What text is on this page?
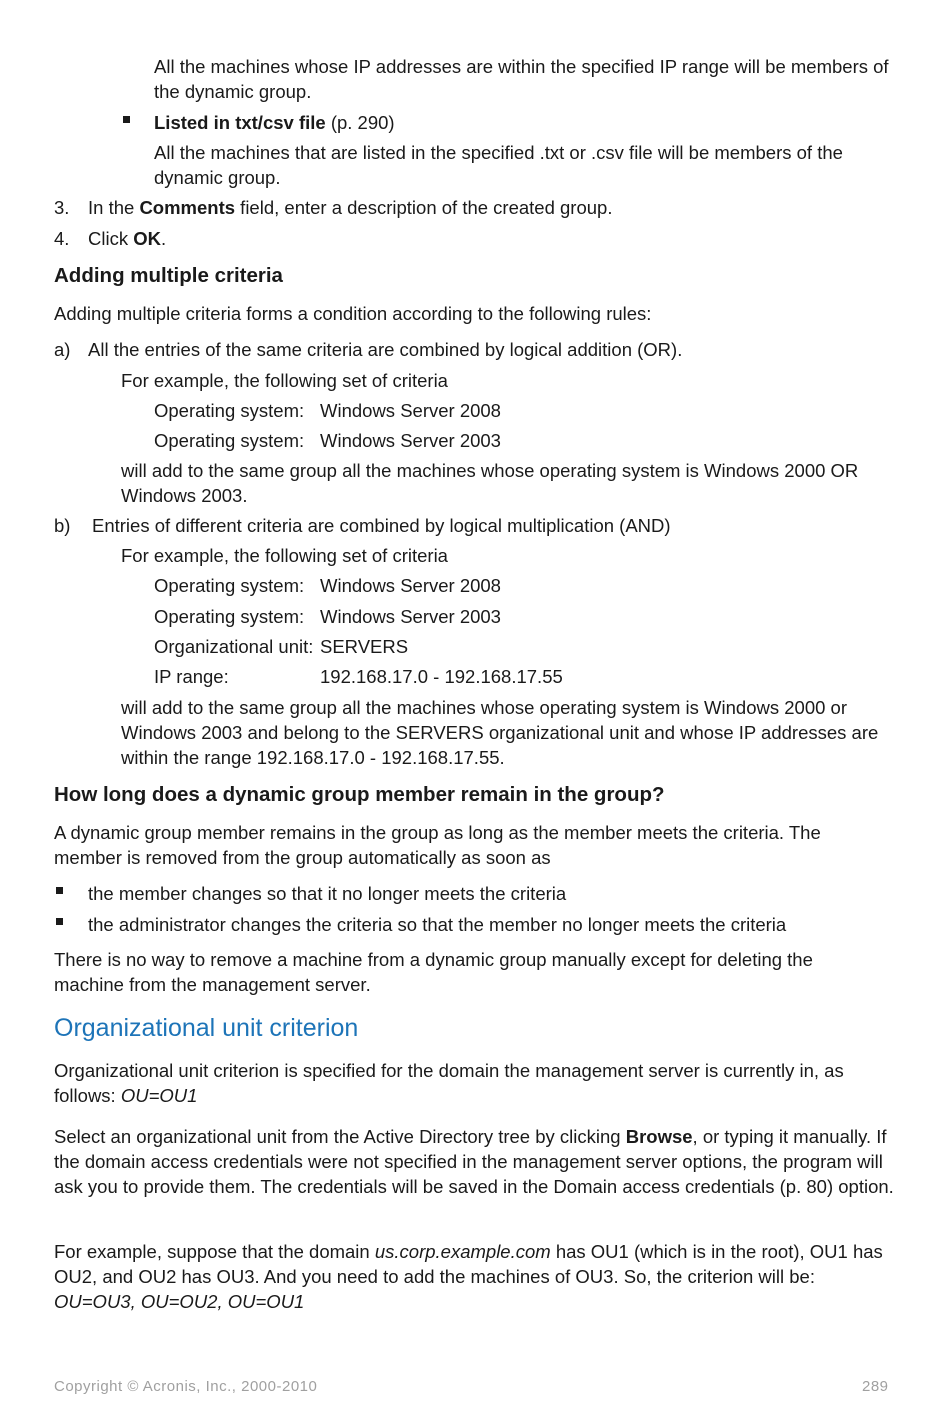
All the machines whose IP addresses are within the specified IP range will be members of the dynamic group.

Listed in txt/csv file (p. 290)

All the machines that are listed in the specified .txt or .csv file will be members of the dynamic group.

3. In the Comments field, enter a description of the created group.

4. Click OK.

Adding multiple criteria

Adding multiple criteria forms a condition according to the following rules:

a) All the entries of the same criteria are combined by logical addition (OR).

For example, the following set of criteria

Operating system: Windows Server 2008
Operating system: Windows Server 2003

will add to the same group all the machines whose operating system is Windows 2000 OR Windows 2003.

b) Entries of different criteria are combined by logical multiplication (AND)

For example, the following set of criteria

Operating system: Windows Server 2008
Operating system: Windows Server 2003
Organizational unit: SERVERS
IP range:	192.168.17.0 - 192.168.17.55

will add to the same group all the machines whose operating system is Windows 2000 or Windows 2003 and belong to the SERVERS organizational unit and whose IP addresses are within the range 192.168.17.0 - 192.168.17.55.

How long does a dynamic group member remain in the group?

A dynamic group member remains in the group as long as the member meets the criteria. The member is removed from the group automatically as soon as

the member changes so that it no longer meets the criteria

the administrator changes the criteria so that the member no longer meets the criteria

There is no way to remove a machine from a dynamic group manually except for deleting the machine from the management server.

Organizational unit criterion

Organizational unit criterion is specified for the domain the management server is currently in, as follows: OU=OU1

Select an organizational unit from the Active Directory tree by clicking Browse, or typing it manually. If the domain access credentials were not specified in the management server options, the program will ask you to provide them. The credentials will be saved in the Domain access credentials (p. 80) option.

For example, suppose that the domain us.corp.example.com has OU1 (which is in the root), OU1 has OU2, and OU2 has OU3. And you need to add the machines of OU3. So, the criterion will be:
OU=OU3, OU=OU2, OU=OU1

Copyright © Acronis, Inc., 2000-2010	289
